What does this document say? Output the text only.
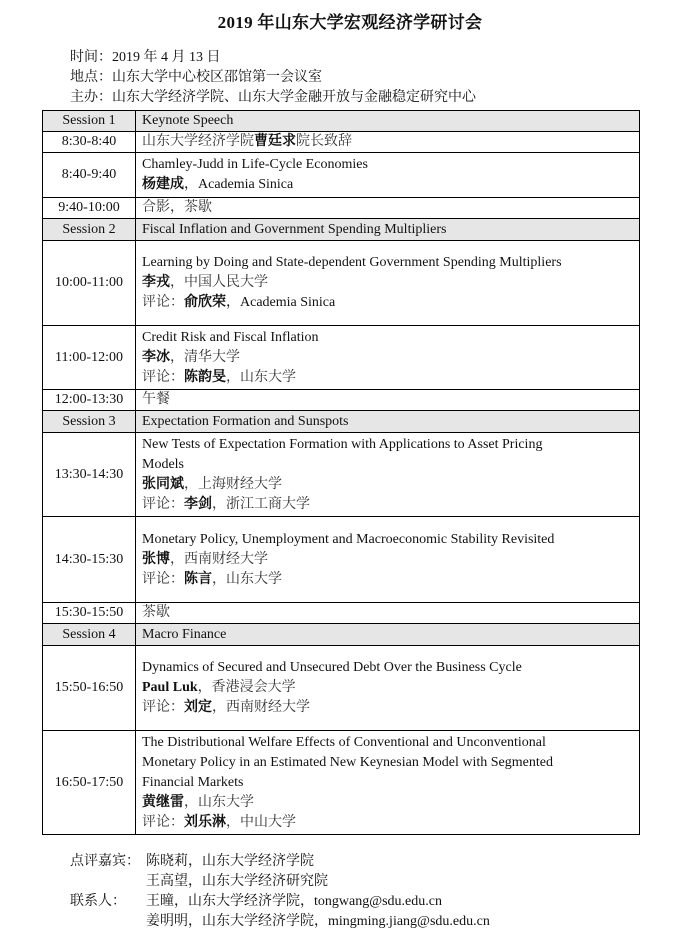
2019 年山东大学宏观经济学研讨会
时间：2019 年 4 月 13 日
地点：山东大学中心校区邵馆第一会议室
主办：山东大学经济学院、山东大学金融开放与金融稳定研究中心
Session 1	Keynote Speech
8:30-8:40	山东大学经济学院曹廷求院长致辞
8:40-9:40	Chamley-Judd in Life-Cycle Economies
杨建成，Academia Sinica

9:40-10:00	合影，茶歇
Session 2	Fiscal Inflation and Government Spending Multipliers
10:00-11:00	Learning by Doing and State-dependent Government Spending Multipliers
李戎，中国人民大学
评论：俞欣荣，Academia Sinica

11:00-12:00	Credit Risk and Fiscal Inflation
李冰，清华大学
评论：陈韵旻，山东大学

12:00-13:30	午餐
Session 3	Expectation Formation and Sunspots
13:30-14:30	New Tests of Expectation Formation with Applications to Asset Pricing
Models
张同斌，上海财经大学
评论：李剑，浙江工商大学

14:30-15:30	Monetary Policy, Unemployment and Macroeconomic Stability Revisited
张博，西南财经大学
评论：陈言，山东大学

15:30-15:50	茶歇
Session 4	Macro Finance
15:50-16:50	Dynamics of Secured and Unsecured Debt Over the Business Cycle
Paul Luk，香港浸会大学
评论：刘定，西南财经大学

16:50-17:50	The Distributional Welfare Effects of Conventional and Unconventional
Monetary Policy in an Estimated New Keynesian Model with Segmented
Financial Markets
黄继雷，山东大学
评论：刘乐淋，中山大学
点评嘉宾： 陈晓莉，山东大学经济学院
王高望，山东大学经济研究院
联系人：	王曈，山东大学经济学院，tongwang@sdu.edu.cn
姜明明，山东大学经济学院，mingming.jiang@sdu.edu.cn
